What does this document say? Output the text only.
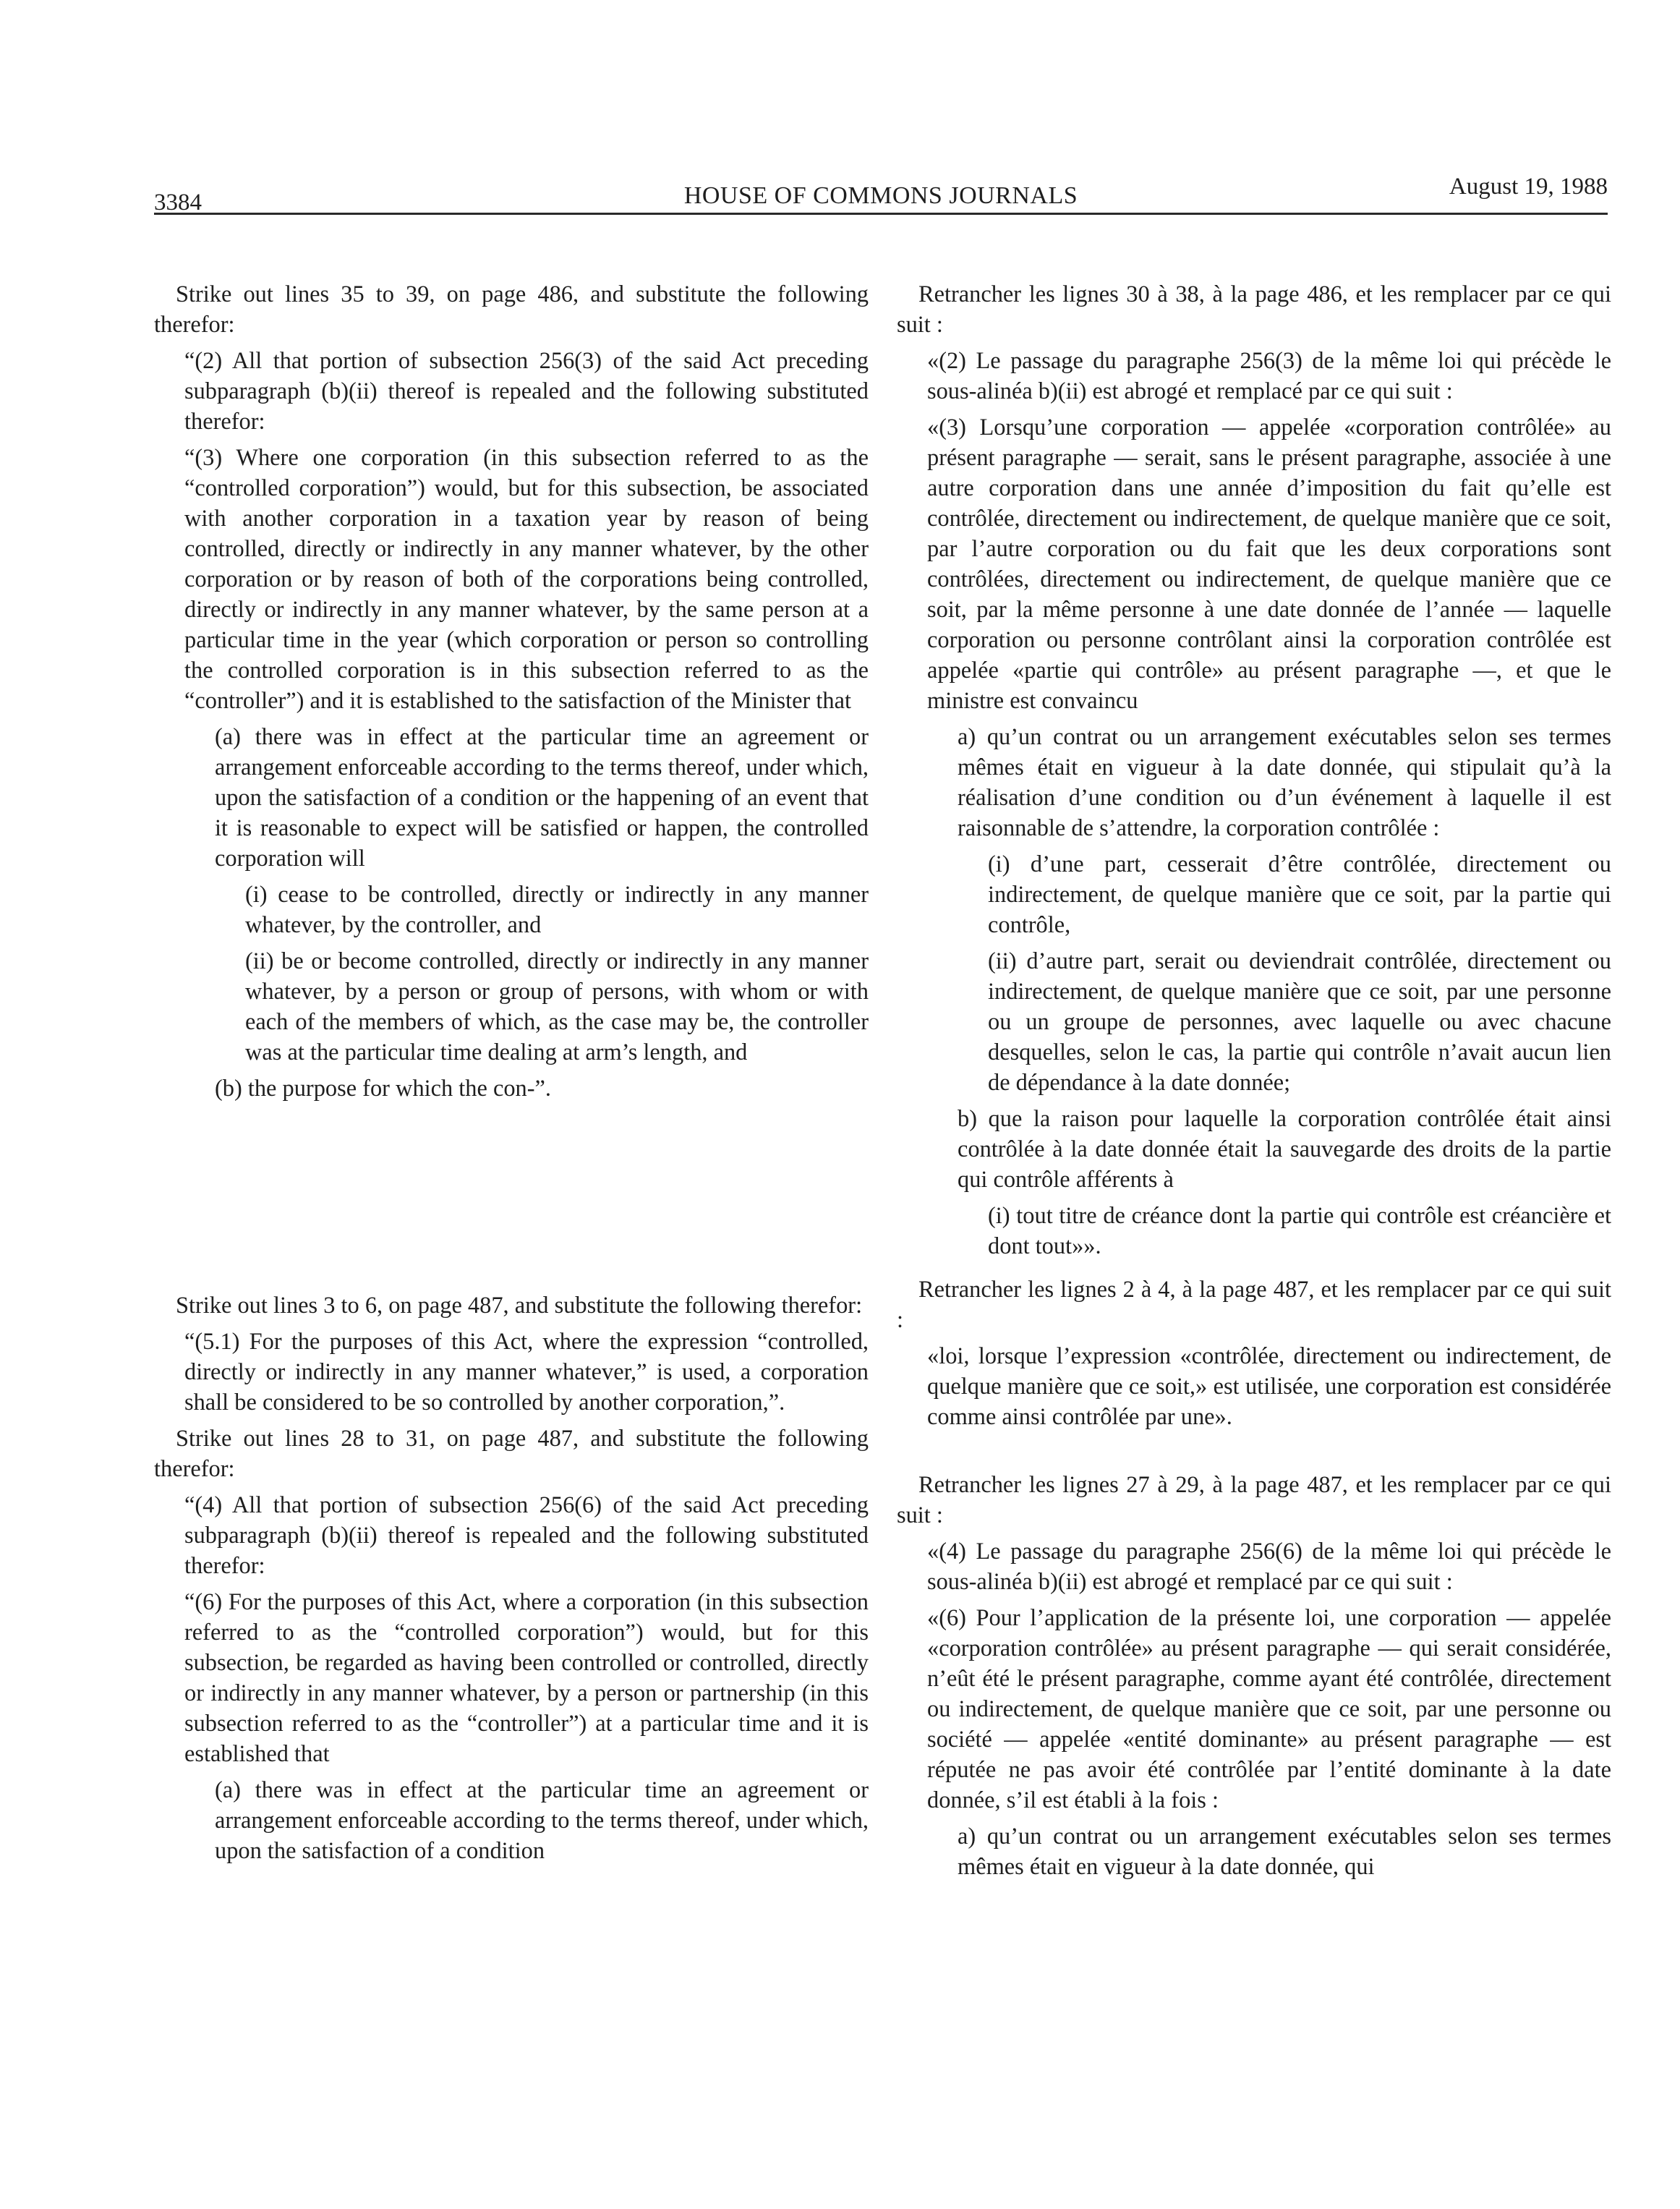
3384	HOUSE OF COMMONS JOURNALS	August 19, 1988

Strike out lines 35 to 39, on page 486, and substitute the following therefor:

“(2) All that portion of subsection 256(3) of the said Act preceding subparagraph (b)(ii) thereof is repealed and the following substituted therefor:

“(3) Where one corporation (in this subsection referred to as the “controlled corporation”) would, but for this subsection, be associated with another corporation in a taxation year by reason of being controlled, directly or indirectly in any manner whatever, by the other corporation or by reason of both of the corporations being controlled, directly or indirectly in any manner whatever, by the same person at a particular time in the year (which corporation or person so controlling the controlled corporation is in this subsection referred to as the “controller”) and it is established to the satisfaction of the Minister that

(a) there was in effect at the particular time an agreement or arrangement enforceable according to the terms thereof, under which, upon the satisfaction of a condition or the happening of an event that it is reasonable to expect will be satisfied or happen, the controlled corporation will

(i) cease to be controlled, directly or indirectly in any manner whatever, by the controller, and

(ii) be or become controlled, directly or indirectly in any manner whatever, by a person or group of persons, with whom or with each of the members of which, as the case may be, the controller was at the particular time dealing at arm’s length, and

(b) the purpose for which the con-”.

Strike out lines 3 to 6, on page 487, and substitute the following therefor:

“(5.1) For the purposes of this Act, where the expression “controlled, directly or indirectly in any manner whatever,” is used, a corporation shall be considered to be so controlled by another corporation,”.

Strike out lines 28 to 31, on page 487, and substitute the following therefor:

“(4) All that portion of subsection 256(6) of the said Act preceding subparagraph (b)(ii) thereof is repealed and the following substituted therefor:

“(6) For the purposes of this Act, where a corporation (in this subsection referred to as the “controlled corporation”) would, but for this subsection, be regarded as having been controlled or controlled, directly or indirectly in any manner whatever, by a person or partnership (in this subsection referred to as the “controller”) at a particular time and it is established that

(a) there was in effect at the particular time an agreement or arrangement enforceable according to the terms thereof, under which, upon the satisfaction of a condition

Retrancher les lignes 30 à 38, à la page 486, et les remplacer par ce qui suit :

«(2) Le passage du paragraphe 256(3) de la même loi qui précède le sous-alinéa b)(ii) est abrogé et remplacé par ce qui suit :

«(3) Lorsqu’une corporation — appelée «corporation contrôlée» au présent paragraphe — serait, sans le présent paragraphe, associée à une autre corporation dans une année d’imposition du fait qu’elle est contrôlée, directement ou indirectement, de quelque manière que ce soit, par l’autre corporation ou du fait que les deux corporations sont contrôlées, directement ou indirectement, de quelque manière que ce soit, par la même personne à une date donnée de l’année — laquelle corporation ou personne contrôlant ainsi la corporation contrôlée est appelée «partie qui contrôle» au présent paragraphe —, et que le ministre est convaincu

a) qu’un contrat ou un arrangement exécutables selon ses termes mêmes était en vigueur à la date donnée, qui stipulait qu’à la réalisation d’une condition ou d’un événement à laquelle il est raisonnable de s’attendre, la corporation contrôlée :

(i) d’une part, cesserait d’être contrôlée, directement ou indirectement, de quelque manière que ce soit, par la partie qui contrôle,

(ii) d’autre part, serait ou deviendrait contrôlée, directement ou indirectement, de quelque manière que ce soit, par une personne ou un groupe de personnes, avec laquelle ou avec chacune desquelles, selon le cas, la partie qui contrôle n’avait aucun lien de dépendance à la date donnée;

b) que la raison pour laquelle la corporation contrôlée était ainsi contrôlée à la date donnée était la sauvegarde des droits de la partie qui contrôle afférents à

(i) tout titre de créance dont la partie qui contrôle est créancière et dont tout»».

Retrancher les lignes 2 à 4, à la page 487, et les remplacer par ce qui suit :

«loi, lorsque l’expression «contrôlée, directement ou indirectement, de quelque manière que ce soit,» est utilisée, une corporation est considérée comme ainsi contrôlée par une».

Retrancher les lignes 27 à 29, à la page 487, et les remplacer par ce qui suit :

«(4) Le passage du paragraphe 256(6) de la même loi qui précède le sous-alinéa b)(ii) est abrogé et remplacé par ce qui suit :

«(6) Pour l’application de la présente loi, une corporation — appelée «corporation contrôlée» au présent paragraphe — qui serait considérée, n’eût été le présent paragraphe, comme ayant été contrôlée, directement ou indirectement, de quelque manière que ce soit, par une personne ou société — appelée «entité dominante» au présent paragraphe — est réputée ne pas avoir été contrôlée par l’entité dominante à la date donnée, s’il est établi à la fois :

a) qu’un contrat ou un arrangement exécutables selon ses termes mêmes était en vigueur à la date donnée, qui
